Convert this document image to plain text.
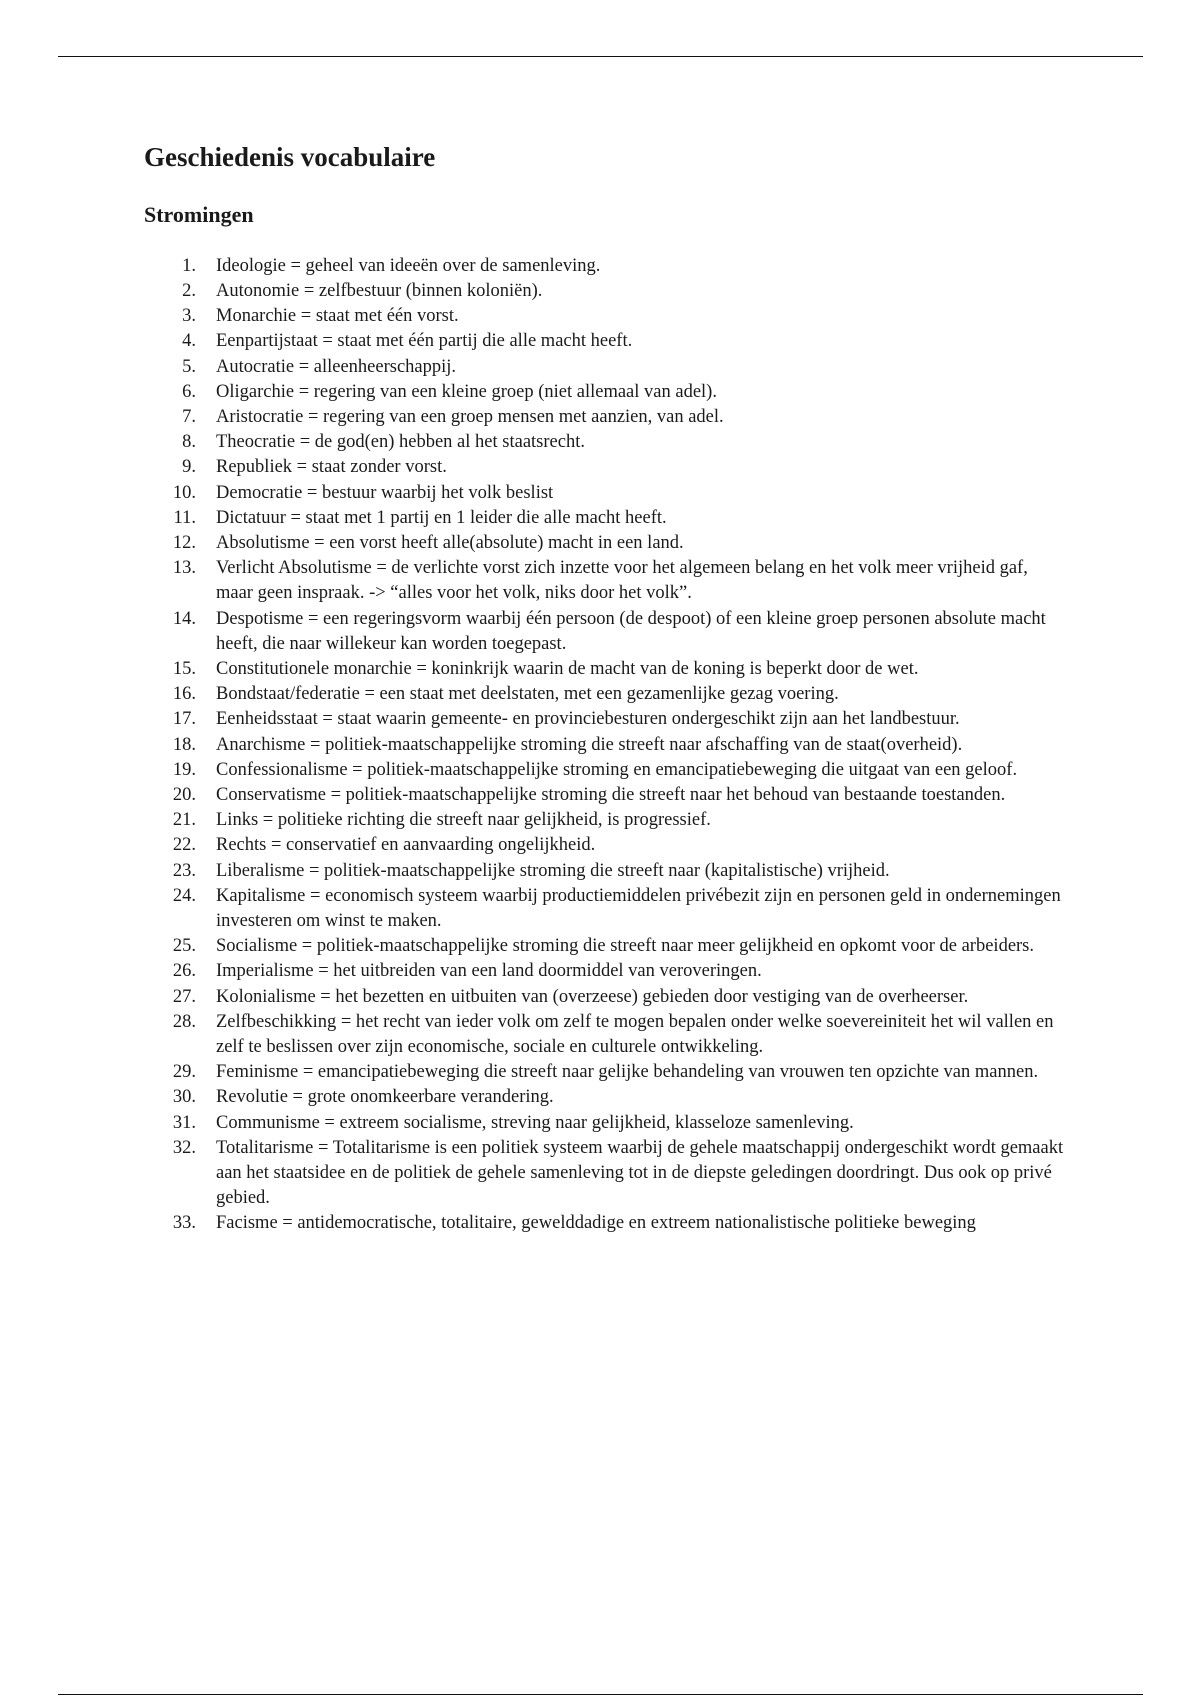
Geschiedenis vocabulaire
Stromingen
1. Ideologie = geheel van ideeën over de samenleving.
2. Autonomie = zelfbestuur (binnen koloniën).
3. Monarchie = staat met één vorst.
4. Eenpartijstaat = staat met één partij die alle macht heeft.
5. Autocratie = alleenheerschappij.
6. Oligarchie = regering van een kleine groep (niet allemaal van adel).
7. Aristocratie = regering van een groep mensen met aanzien, van adel.
8. Theocratie = de god(en) hebben al het staatsrecht.
9. Republiek = staat zonder vorst.
10. Democratie = bestuur waarbij het volk beslist
11. Dictatuur = staat met 1 partij en 1 leider die alle macht heeft.
12. Absolutisme = een vorst heeft alle(absolute) macht in een land.
13. Verlicht Absolutisme = de verlichte vorst zich inzette voor het algemeen belang en het volk meer vrijheid gaf, maar geen inspraak. -> “alles voor het volk, niks door het volk”.
14. Despotisme = een regeringsvorm waarbij één persoon (de despoot) of een kleine groep personen absolute macht heeft, die naar willekeur kan worden toegepast.
15. Constitutionele monarchie = koninkrijk waarin de macht van de koning is beperkt door de wet.
16. Bondstaat/federatie = een staat met deelstaten, met een gezamenlijke gezag voering.
17. Eenheidsstaat = staat waarin gemeente- en provinciebesturen ondergeschikt zijn aan het landbestuur.
18. Anarchisme = politiek-maatschappelijke stroming die streeft naar afschaffing van de staat(overheid).
19. Confessionalisme = politiek-maatschappelijke stroming en emancipatiebeweging die uitgaat van een geloof.
20. Conservatisme = politiek-maatschappelijke stroming die streeft naar het behoud van bestaande toestanden.
21. Links = politieke richting die streeft naar gelijkheid, is progressief.
22. Rechts = conservatief en aanvaarding ongelijkheid.
23. Liberalisme = politiek-maatschappelijke stroming die streeft naar (kapitalistische) vrijheid.
24. Kapitalisme = economisch systeem waarbij productiemiddelen privébezit zijn en personen geld in ondernemingen investeren om winst te maken.
25. Socialisme = politiek-maatschappelijke stroming die streeft naar meer gelijkheid en opkomt voor de arbeiders.
26. Imperialisme = het uitbreiden van een land doormiddel van veroveringen.
27. Kolonialisme = het bezetten en uitbuiten van (overzeese) gebieden door vestiging van de overheerser.
28. Zelfbeschikking = het recht van ieder volk om zelf te mogen bepalen onder welke soevereiniteit het wil vallen en zelf te beslissen over zijn economische, sociale en culturele ontwikkeling.
29. Feminisme = emancipatiebeweging die streeft naar gelijke behandeling van vrouwen ten opzichte van mannen.
30. Revolutie = grote onomkeerbare verandering.
31. Communisme = extreem socialisme, streving naar gelijkheid, klasseloze samenleving.
32. Totalitarisme = Totalitarisme is een politiek systeem waarbij de gehele maatschappij ondergeschikt wordt gemaakt aan het staatsidee en de politiek de gehele samenleving tot in de diepste geledingen doordringt. Dus ook op privé gebied.
33. Facisme = antidemocratische, totalitaire, gewelddadige en extreem nationalistische politieke beweging
